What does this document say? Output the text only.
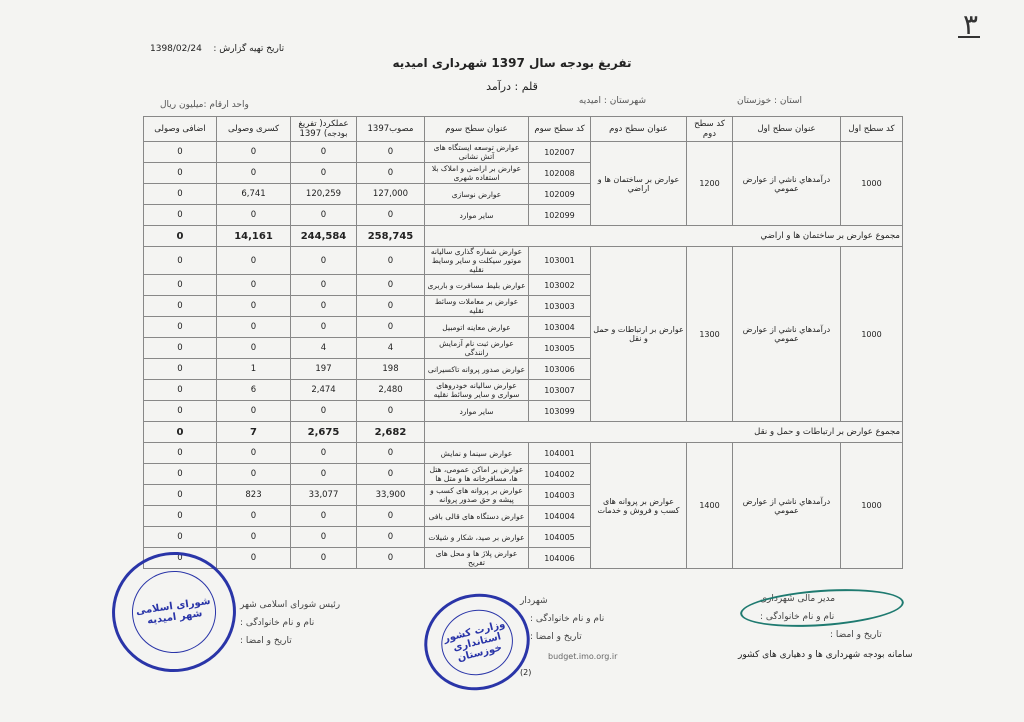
۳
تاریخ تهیه گزارش :    1398/02/24
تفریغ بودجه سال 1397 شهرداری امیدیه
قلم : درآمد
استان : خوزستان
شهرستان : امیدیه
واحد ارقام :میلیون ریال
کد سطح اول	عنوان سطح اول	کد سطح دوم	عنوان سطح دوم	کد سطح سوم	عنوان سطح سوم	مصوب1397	عملکرد( تفریغ بودجه) 1397	کسری وصولی	اضافی وصولی
1000	درآمدهاي ناشي از عوارض عمومي	1200	عوارض بر ساختمان ها و اراضي	102007	عوارض توسعه ایستگاه های آتش نشانی	0	0	0	0
				102008	عوارض بر اراضی و املاک بلا استفاده شهری	0	0	0	0
				102009	عوارض نوسازی	127,000	120,259	6,741	0
				102099	سایر موارد	0	0	0	0
مجموع عوارض بر ساختمان ها و اراضي						258,745	244,584	14,161	0
1000	درآمدهاي ناشي از عوارض عمومي	1300	عوارض بر ارتباطات و حمل و نقل	103001	عوارض شماره گذاری سالیانه موتور سیکلت و سایر وسایط نقلیه	0	0	0	0
				103002	عوارض بلیط مسافرت و باربری	0	0	0	0
				103003	عوارض بر معاملات وسائط نقلیه	0	0	0	0
				103004	عوارض معاینه اتومبیل	0	0	0	0
				103005	عوارض ثبت نام آزمایش رانندگی	4	4	0	0
				103006	عوارض صدور پروانه تاکسیرانی	198	197	1	0
				103007	عوارض سالیانه خودروهای سواری و سایر وسائط نقلیه	2,480	2,474	6	0
				103099	سایر موارد	0	0	0	0
مجموع عوارض بر ارتباطات و حمل و نقل						2,682	2,675	7	0
1000	درآمدهاي ناشي از عوارض عمومي	1400	عوارض بر پروانه های کسب و فروش و خدمات	104001	عوارض سینما و نمایش	0	0	0	0
				104002	عوارض بر اماکن عمومی، هتل ها، مسافرخانه ها و متل ها	0	0	0	0
				104003	عوارض بر پروانه های کسب و پیشه و حق صدور پروانه	33,900	33,077	823	0
				104004	عوارض دستگاه های قالی بافی	0	0	0	0
				104005	عوارض بر صید، شکار و شیلات	0	0	0	0
				104006	عوارض پلاژ ها و محل های تفریح	0	0	0	0
مدیر مالی شهرداری
نام و نام خانوادگی :
تاریخ و امضا :
شهردار
نام و نام خانوادگی :
تاریخ و امضا :
رئیس شورای اسلامی شهر
نام و نام خانوادگی :
تاریخ و امضا :
سامانه بودجه شهرداری ها و دهیاری های کشور
budget.imo.org.ir
(2)
شورای اسلامی شهر امیدیه
وزارت کشور استانداری خوزستان
